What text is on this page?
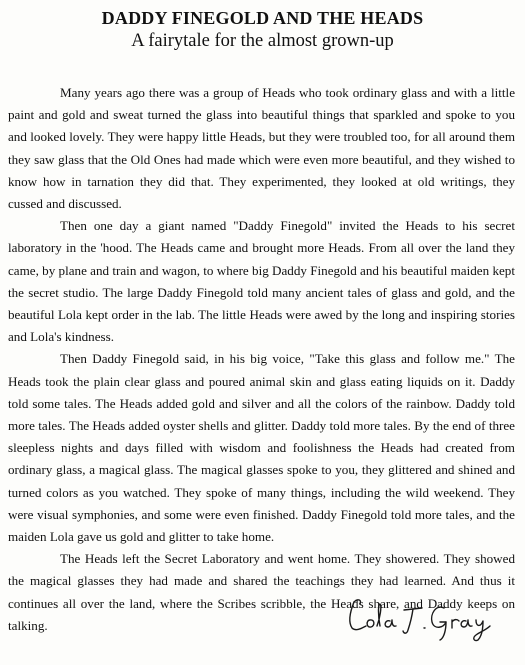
DADDY FINEGOLD AND THE HEADS
A fairytale for the almost grown-up

Many years ago there was a group of Heads who took ordinary glass and with a little paint and gold and sweat turned the glass into beautiful things that sparkled and spoke to you and looked lovely. They were happy little Heads, but they were troubled too, for all around them they saw glass that the Old Ones had made which were even more beautiful, and they wished to know how in tarnation they did that. They experimented, they looked at old writings, they cussed and discussed.

Then one day a giant named "Daddy Finegold" invited the Heads to his secret laboratory in the 'hood. The Heads came and brought more Heads. From all over the land they came, by plane and train and wagon, to where big Daddy Finegold and his beautiful maiden kept the secret studio. The large Daddy Finegold told many ancient tales of glass and gold, and the beautiful Lola kept order in the lab. The little Heads were awed by the long and inspiring stories and Lola's kindness.

Then Daddy Finegold said, in his big voice, "Take this glass and follow me." The Heads took the plain clear glass and poured animal skin and glass eating liquids on it. Daddy told some tales. The Heads added gold and silver and all the colors of the rainbow. Daddy told more tales. The Heads added oyster shells and glitter. Daddy told more tales. By the end of three sleepless nights and days filled with wisdom and foolishness the Heads had created from ordinary glass, a magical glass. The magical glasses spoke to you, they glittered and shined and turned colors as you watched. They spoke of many things, including the wild weekend. They were visual symphonies, and some were even finished. Daddy Finegold told more tales, and the maiden Lola gave us gold and glitter to take home.

The Heads left the Secret Laboratory and went home. They showered. They showed the magical glasses they had made and shared the teachings they had learned. And thus it continues all over the land, where the Scribes scribble, the Heads share, and Daddy keeps on talking.
